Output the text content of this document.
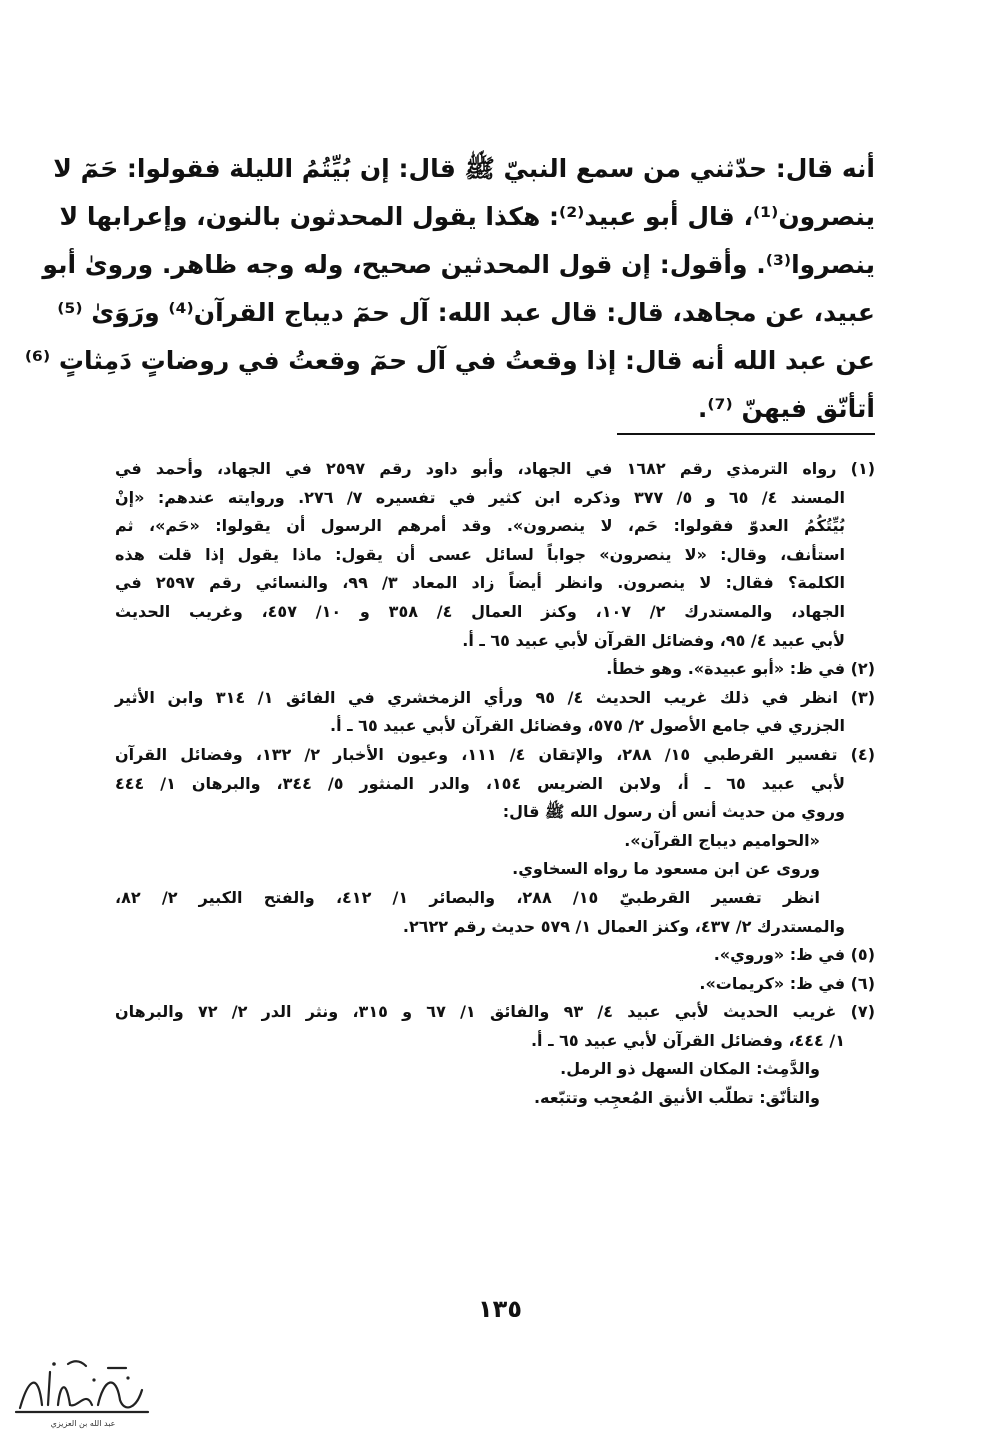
أنه قال: حدّثني من سمع النبيّ ﷺ قال: إن بُيِّتُمُ الليلة فقولوا: حَمٓ لا
ينصرون⁽¹⁾، قال أبو عبيد⁽²⁾: هكذا يقول المحدثون بالنون، وإعرابها لا
ينصروا⁽³⁾. وأقول: إن قول المحدثين صحيح، وله وجه ظاهر. وروىٰ أبو
عبيد، عن مجاهد، قال: قال عبد الله: آل حمٓ ديباج القرآن⁽⁴⁾ ورَوَىٰ ⁽⁵⁾
عن عبد الله أنه قال: إذا وقعتُ في آل حمٓ وقعتُ في روضاتٍ دَمِثاتٍ ⁽⁶⁾
أتأنّق فيهنّ ⁽⁷⁾.
(١) رواه الترمذي رقم ١٦٨٢ في الجهاد، وأبو داود رقم ٢٥٩٧ في الجهاد، وأحمد في
المسند ٤/ ٦٥ و ٥/ ٣٧٧ وذكره ابن كثير في تفسيره ٧/ ٢٧٦. وروايته عندهم: «إنْ
بُيِّتُكُمُ العدوّ فقولوا: حَم، لا ينصرون». وقد أمرهم الرسول أن يقولوا: «حَم»، ثم
استأنف، وقال: «لا ينصرون» جواباً لسائل عسى أن يقول: ماذا يقول إذا قلت هذه
الكلمة؟ فقال: لا ينصرون. وانظر أيضاً زاد المعاد ٣/ ٩٩، والنسائي رقم ٢٥٩٧ في
الجهاد، والمستدرك ٢/ ١٠٧، وكنز العمال ٤/ ٣٥٨ و ١٠/ ٤٥٧، وغريب الحديث
لأبي عبيد ٤/ ٩٥، وفضائل القرآن لأبي عبيد ٦٥ ـ أ.
(٢) في ظ: «أبو عبيدة». وهو خطأ.
(٣) انظر في ذلك غريب الحديث ٤/ ٩٥ ورأي الزمخشري في الفائق ١/ ٣١٤ وابن الأثير
الجزري في جامع الأصول ٢/ ٥٧٥، وفضائل القرآن لأبي عبيد ٦٥ ـ أ.
(٤) تفسير القرطبي ١٥/ ٢٨٨، والإتقان ٤/ ١١١، وعيون الأخبار ٢/ ١٣٢، وفضائل القرآن
لأبي عبيد ٦٥ ـ أ، ولابن الضريس ١٥٤، والدر المنثور ٥/ ٣٤٤، والبرهان ١/ ٤٤٤
وروي من حديث أنس أن رسول الله ﷺ قال:
«الحواميم ديباج القرآن».
وروى عن ابن مسعود ما رواه السخاوي.
انظر تفسير القرطبيّ ١٥/ ٢٨٨، والبصائر ١/ ٤١٢، والفتح الكبير ٢/ ٨٢،
والمستدرك ٢/ ٤٣٧، وكنز العمال ١/ ٥٧٩ حديث رقم ٢٦٢٢.
(٥) في ظ: «وروي».
(٦) في ظ: «كريمات».
(٧) غريب الحديث لأبي عبيد ٤/ ٩٣ والفائق ١/ ٦٧ و ٣١٥، ونثر الدر ٢/ ٧٢ والبرهان
١/ ٤٤٤، وفضائل القرآن لأبي عبيد ٦٥ ـ أ.
والدَّمِث: المكان السهل ذو الرمل.
والتأنّق: تطلّب الأنيق المُعجِب وتتبّعه.
١٣٥
عبد الله بن العزيزي
